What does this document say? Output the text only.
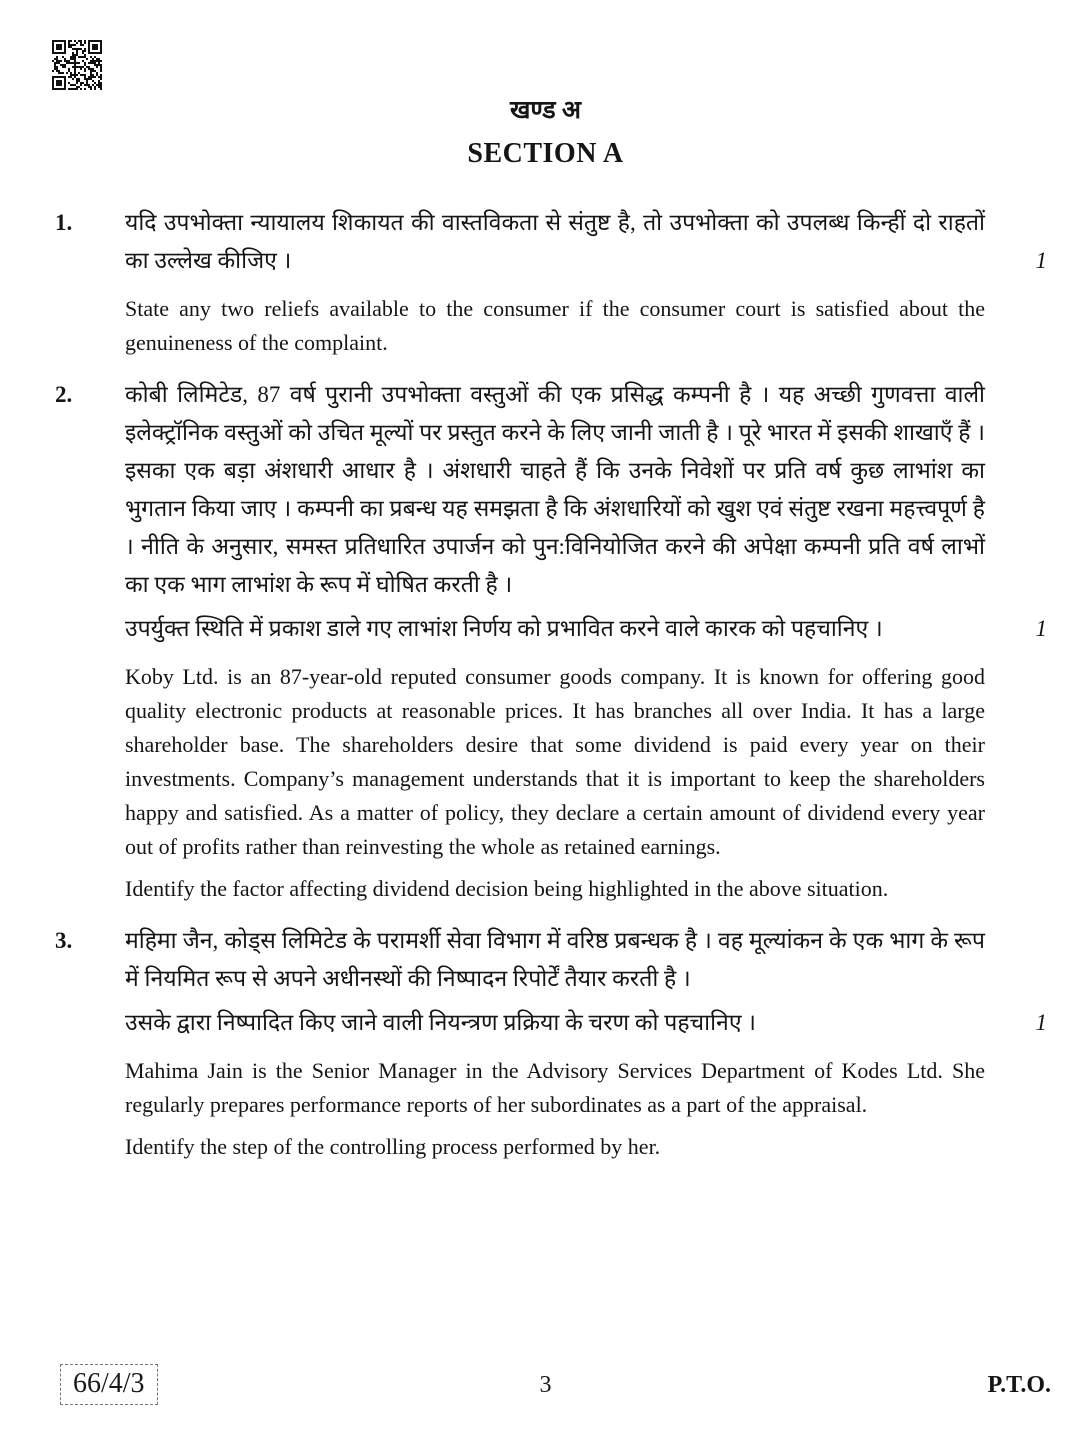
खण्ड अ
SECTION A
1.	यदि उपभोक्ता न्यायालय शिकायत की वास्तविकता से संतुष्ट है, तो उपभोक्ता को उपलब्ध किन्हीं दो राहतों का उल्लेख कीजिए ।	1

State any two reliefs available to the consumer if the consumer court is satisfied about the genuineness of the complaint.

2.	कोबी लिमिटेड, 87 वर्ष पुरानी उपभोक्ता वस्तुओं की एक प्रसिद्ध कम्पनी है । यह अच्छी गुणवत्ता वाली इलेक्ट्रॉनिक वस्तुओं को उचित मूल्यों पर प्रस्तुत करने के लिए जानी जाती है । पूरे भारत में इसकी शाखाएँ हैं । इसका एक बड़ा अंशधारी आधार है । अंशधारी चाहते हैं कि उनके निवेशों पर प्रति वर्ष कुछ लाभांश का भुगतान किया जाए । कम्पनी का प्रबन्ध यह समझता है कि अंशधारियों को खुश एवं संतुष्ट रखना महत्त्वपूर्ण है । नीति के अनुसार, समस्त प्रतिधारित उपार्जन को पुन:विनियोजित करने की अपेक्षा कम्पनी प्रति वर्ष लाभों का एक भाग लाभांश के रूप में घोषित करती है ।

उपर्युक्त स्थिति में प्रकाश डाले गए लाभांश निर्णय को प्रभावित करने वाले कारक को पहचानिए ।	1

Koby Ltd. is an 87-year-old reputed consumer goods company. It is known for offering good quality electronic products at reasonable prices. It has branches all over India. It has a large shareholder base. The shareholders desire that some dividend is paid every year on their investments. Company’s management understands that it is important to keep the shareholders happy and satisfied. As a matter of policy, they declare a certain amount of dividend every year out of profits rather than reinvesting the whole as retained earnings.

Identify the factor affecting dividend decision being highlighted in the above situation.

3.	महिमा जैन, कोड्स लिमिटेड के परामर्शी सेवा विभाग में वरिष्ठ प्रबन्धक है । वह मूल्यांकन के एक भाग के रूप में नियमित रूप से अपने अधीनस्थों की निष्पादन रिपोर्टें तैयार करती है ।

उसके द्वारा निष्पादित किए जाने वाली नियन्त्रण प्रक्रिया के चरण को पहचानिए ।	1

Mahima Jain is the Senior Manager in the Advisory Services Department of Kodes Ltd. She regularly prepares performance reports of her subordinates as a part of the appraisal.

Identify the step of the controlling process performed by her.

66/4/3	3	P.T.O.
